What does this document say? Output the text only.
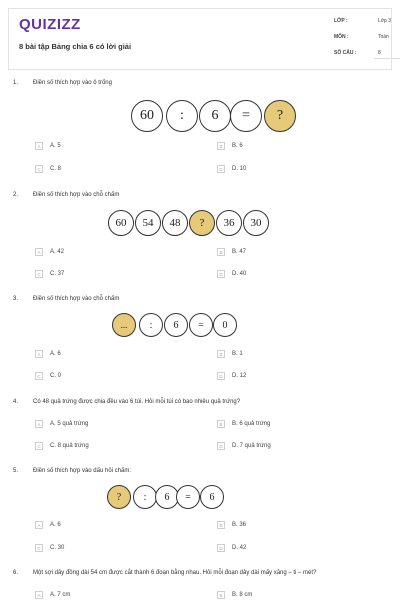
QUIZIZZ
8 bài tập Bảng chia 6 có lời giải
LỚP :	Lớp 3
MÔN :	Toán
SỐ CÂU :	8
1. Điền số thích hợp vào ô trống
60	:	6	=	?
A	A. 5	B	B. 6
C	C. 8	D	D. 10
2. Điền số thích hợp vào chỗ chấm
60	54	48	?	36	30
A	A. 42	B	B. 47
C	C. 37	D	D. 40
3. Điền số thích hợp vào chỗ chấm
...	:	6	=	0
A	A. 6	B	B. 1
C	C. 0	D	D. 12
4. Có 48 quả trứng được chia đều vào 6 túi. Hỏi mỗi túi có bao nhiêu quả trứng?
A	A. 5 quả trứng	B	B. 6 quả trứng
C	C. 8 quả trứng	D	D. 7 quả trứng
5. Điền số thích hợp vào dấu hỏi chấm:
?	:	6	=	6
A	A. 6	B	B. 36
C	C. 30	D	D. 42
6. Một sợi dây đồng dài 54 cm được cắt thành 6 đoạn bằng nhau. Hỏi mỗi đoạn dây dài mấy xăng – ti – mét?
A	A. 7 cm	B	B. 8 cm
